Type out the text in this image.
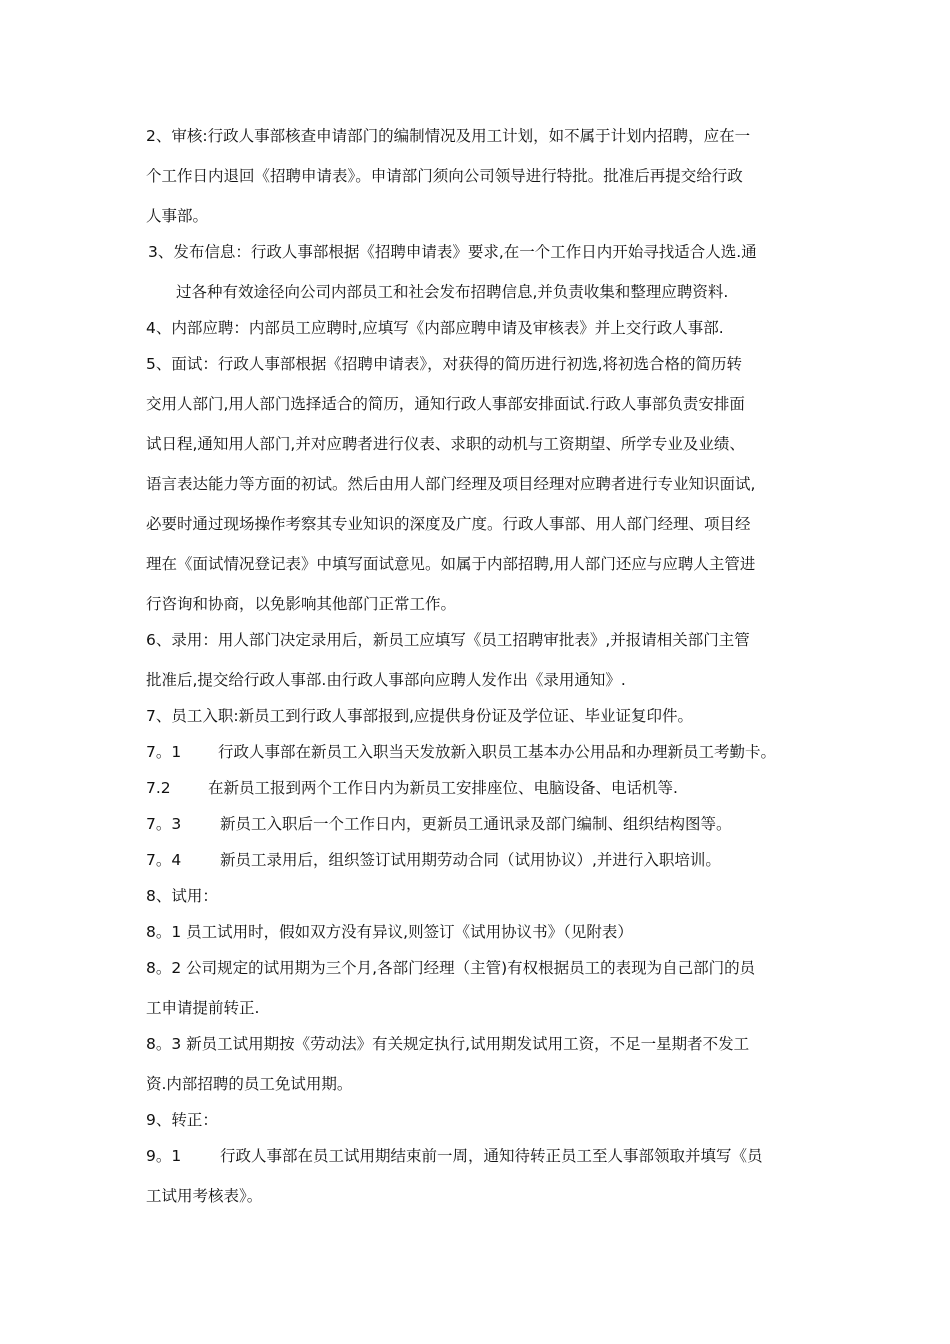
2、审核:行政人事部核查申请部门的编制情况及用工计划，如不属于计划内招聘，应在一
个工作日内退回《招聘申请表》。申请部门须向公司领导进行特批。批准后再提交给行政
人事部。
3、发布信息：行政人事部根据《招聘申请表》要求,在一个工作日内开始寻找适合人选.通
过各种有效途径向公司内部员工和社会发布招聘信息,并负责收集和整理应聘资料.
4、内部应聘：内部员工应聘时,应填写《内部应聘申请及审核表》并上交行政人事部.
5、面试：行政人事部根据《招聘申请表》，对获得的简历进行初选,将初选合格的简历转
交用人部门,用人部门选择适合的简历，通知行政人事部安排面试.行政人事部负责安排面
试日程,通知用人部门,并对应聘者进行仪表、求职的动机与工资期望、所学专业及业绩、
语言表达能力等方面的初试。然后由用人部门经理及项目经理对应聘者进行专业知识面试,
必要时通过现场操作考察其专业知识的深度及广度。行政人事部、用人部门经理、项目经
理在《面试情况登记表》中填写面试意见。如属于内部招聘,用人部门还应与应聘人主管进
行咨询和协商，以免影响其他部门正常工作。
6、录用：用人部门决定录用后，新员工应填写《员工招聘审批表》,并报请相关部门主管
批准后,提交给行政人事部.由行政人事部向应聘人发作出《录用通知》.
7、员工入职:新员工到行政人事部报到,应提供身份证及学位证、毕业证复印件。
7。1 行政人事部在新员工入职当天发放新入职员工基本办公用品和办理新员工考勤卡。
7.2 在新员工报到两个工作日内为新员工安排座位、电脑设备、电话机等.
7。3	新员工入职后一个工作日内，更新员工通讯录及部门编制、组织结构图等。
7。4	新员工录用后，组织签订试用期劳动合同（试用协议）,并进行入职培训。
8、试用：
8。1 员工试用时，假如双方没有异议,则签订《试用协议书》（见附表）
8。2 公司规定的试用期为三个月,各部门经理（主管)有权根据员工的表现为自己部门的员
工申请提前转正.
8。3 新员工试用期按《劳动法》有关规定执行,试用期发试用工资，不足一星期者不发工
资.内部招聘的员工免试用期。
9、转正：
9。1	行政人事部在员工试用期结束前一周，通知待转正员工至人事部领取并填写《员
工试用考核表》。
